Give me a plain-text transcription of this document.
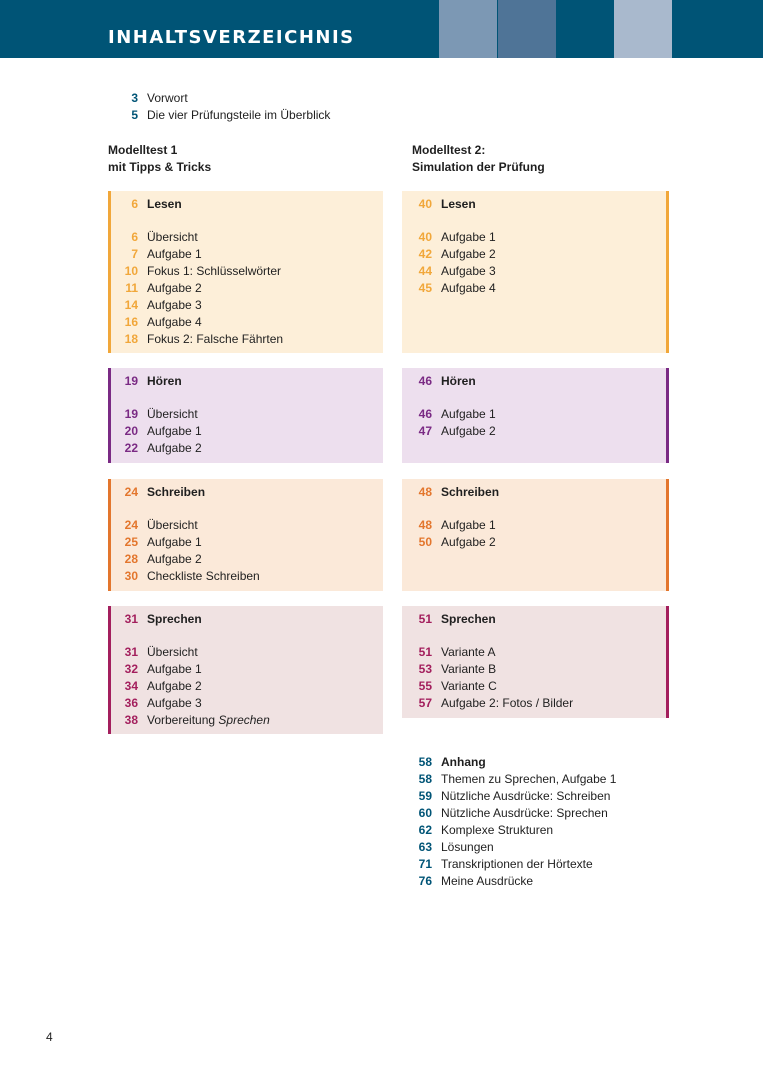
INHALTSVERZEICHNIS
3 Vorwort
5 Die vier Prüfungsteile im Überblick
Modelltest 1
mit Tipps & Tricks
Modelltest 2:
Simulation der Prüfung
6 Lesen
6 Übersicht
7 Aufgabe 1
10 Fokus 1: Schlüsselwörter
11 Aufgabe 2
14 Aufgabe 3
16 Aufgabe 4
18 Fokus 2: Falsche Fährten
40 Lesen
40 Aufgabe 1
42 Aufgabe 2
44 Aufgabe 3
45 Aufgabe 4
19 Hören
19 Übersicht
20 Aufgabe 1
22 Aufgabe 2
46 Hören
46 Aufgabe 1
47 Aufgabe 2
24 Schreiben
24 Übersicht
25 Aufgabe 1
28 Aufgabe 2
30 Checkliste Schreiben
48 Schreiben
48 Aufgabe 1
50 Aufgabe 2
31 Sprechen
31 Übersicht
32 Aufgabe 1
34 Aufgabe 2
36 Aufgabe 3
38 Vorbereitung Sprechen
51 Sprechen
51 Variante A
53 Variante B
55 Variante C
57 Aufgabe 2: Fotos / Bilder
58 Anhang
58 Themen zu Sprechen, Aufgabe 1
59 Nützliche Ausdrücke: Schreiben
60 Nützliche Ausdrücke: Sprechen
62 Komplexe Strukturen
63 Lösungen
71 Transkriptionen der Hörtexte
76 Meine Ausdrücke
4
